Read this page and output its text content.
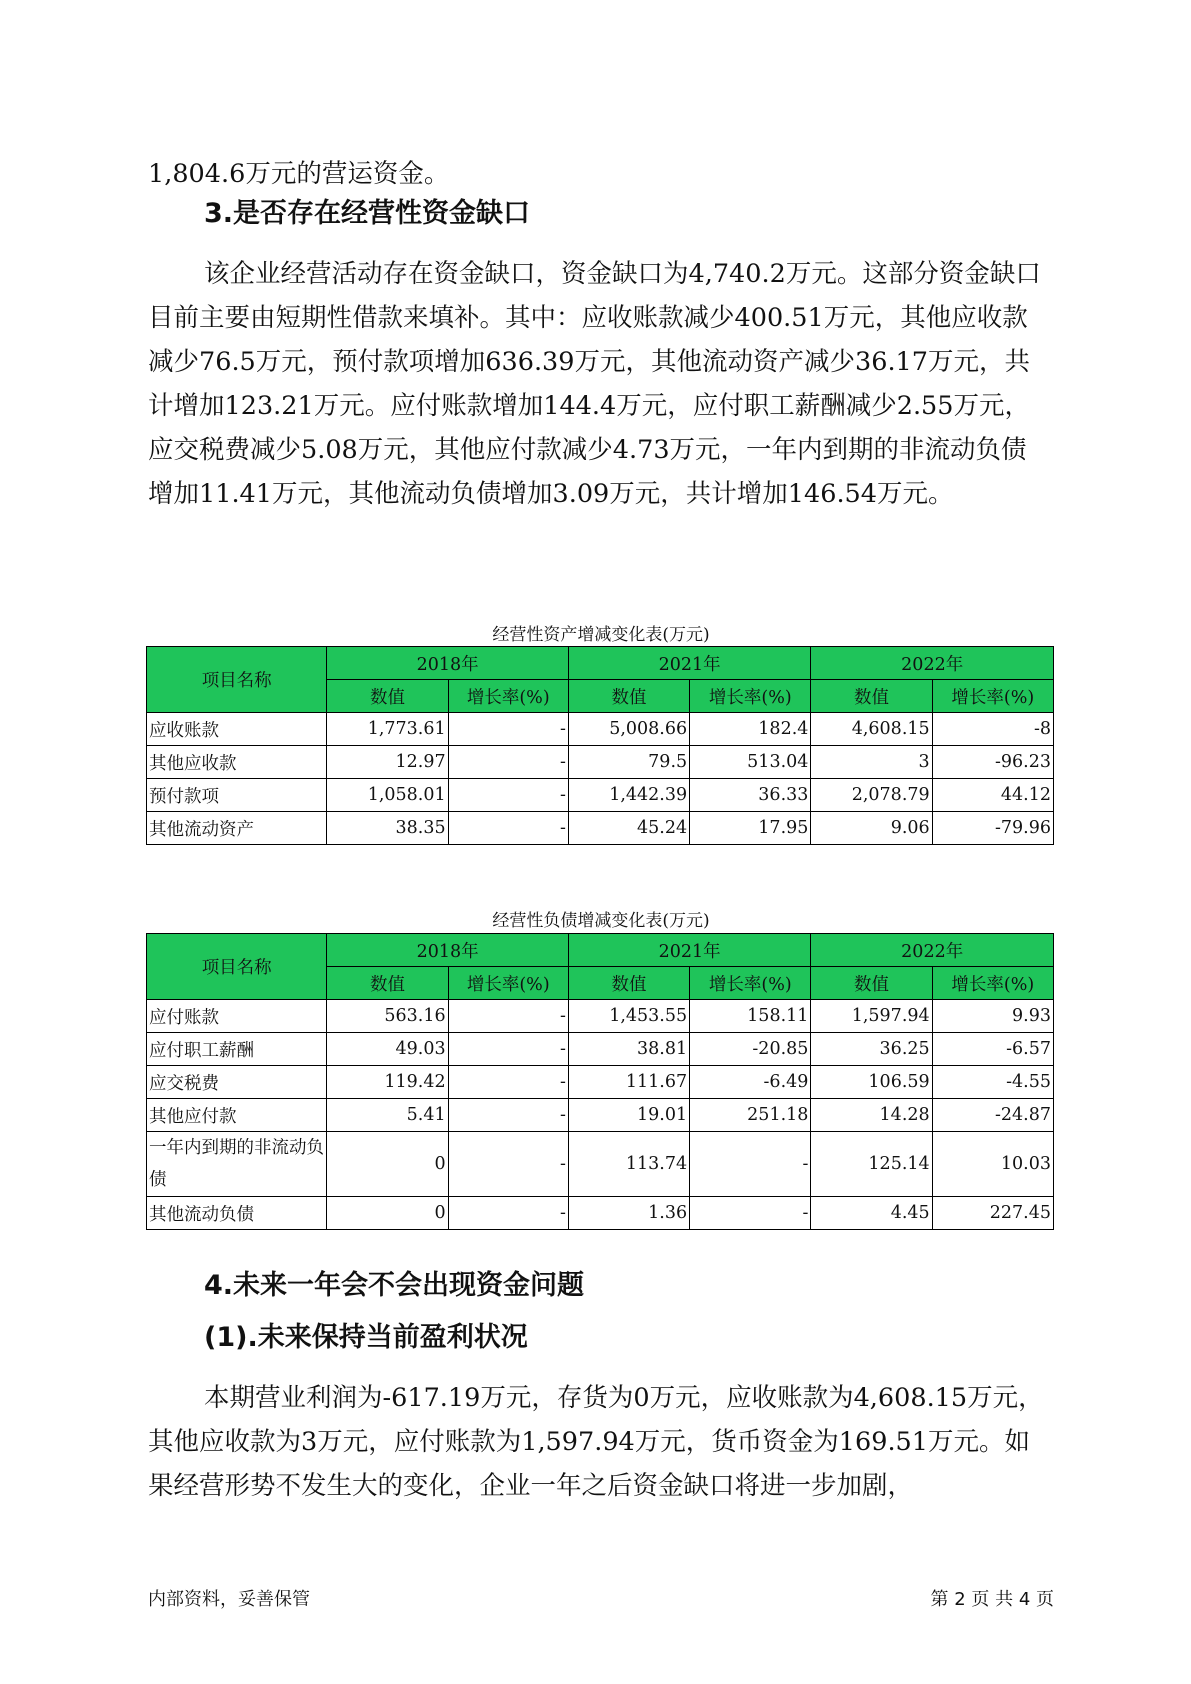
1,804.6万元的营运资金。

3.是否存在经营性资金缺口

该企业经营活动存在资金缺口，资金缺口为4,740.2万元。这部分资金缺口目前主要由短期性借款来填补。其中：应收账款减少400.51万元，其他应收款减少76.5万元，预付款项增加636.39万元，其他流动资产减少36.17万元，共计增加123.21万元。应付账款增加144.4万元，应付职工薪酬减少2.55万元，应交税费减少5.08万元，其他应付款减少4.73万元，一年内到期的非流动负债增加11.41万元，其他流动负债增加3.09万元，共计增加146.54万元。

经营性资产增减变化表(万元)

项目名称	2018年		2021年		2022年	
	数值	增长率(%)	数值	增长率(%)	数值	增长率(%)
应收账款	1,773.61	-	5,008.66	182.4	4,608.15	-8
其他应收款	12.97	-	79.5	513.04	3	-96.23
预付款项	1,058.01	-	1,442.39	36.33	2,078.79	44.12
其他流动资产	38.35	-	45.24	17.95	9.06	-79.96

经营性负债增减变化表(万元)

项目名称	2018年		2021年		2022年	
	数值	增长率(%)	数值	增长率(%)	数值	增长率(%)
应付账款	563.16	-	1,453.55	158.11	1,597.94	9.93
应付职工薪酬	49.03	-	38.81	-20.85	36.25	-6.57
应交税费	119.42	-	111.67	-6.49	106.59	-4.55
其他应付款	5.41	-	19.01	251.18	14.28	-24.87
一年内到期的非流动负债	0	-	113.74	-	125.14	10.03
其他流动负债	0	-	1.36	-	4.45	227.45
4.未来一年会不会出现资金问题
(1).未来保持当前盈利状况

本期营业利润为-617.19万元，存货为0万元，应收账款为4,608.15万元，其他应收款为3万元，应付账款为1,597.94万元，货币资金为169.51万元。如果经营形势不发生大的变化，企业一年之后资金缺口将进一步加剧，

内部资料，妥善保管	第 2 页 共 4 页
